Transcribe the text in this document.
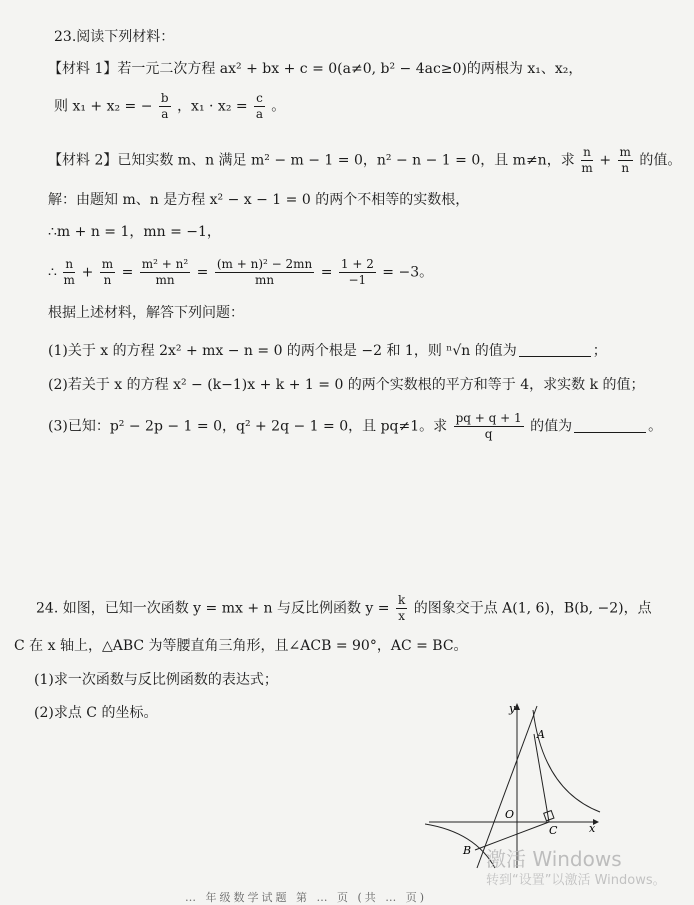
23.阅读下列材料：
【材料 1】若一元二次方程 ax² + bx + c = 0(a≠0, b² − 4ac≥0)的两根为 x₁、x₂，
则 x₁ + x₂ = − $\frac{b}{a}$ ，$x_1 \cdot x_2 = \frac{c}{a}$ 。
【材料 2】已知实数 m、n 满足 m² − m − 1 = 0，n² − n − 1 = 0，且 m≠n，求 $\frac{n}{m} + \frac{m}{n}$ 的值。
解：由题知 m、n 是方程 x² − x − 1 = 0 的两个不相等的实数根，
∴m + n = 1，mn = −1，
∴ $\frac{n}{m} + \frac{m}{n} = \frac{\text{m² + n²}}{mn} = \frac{\text{(m + n)² − 2mn}}{mn} = \frac{1 + 2}{-1} = -3$。
根据上述材料，解答下列问题：
(1)关于 x 的方程 2x² + mx − n = 0 的两个根是 −2 和 1，则 ⁿ√n 的值为	；
(2)若关于 x 的方程 x² − (k−1)x + k + 1 = 0 的两个实数根的平方和等于 4，求实数 k 的值；
(3)已知：p² − 2p − 1 = 0，q² + 2q − 1 = 0，且 pq≠1。求 $\frac{pq + q + 1}{q}$ 的值为	。
24. 如图，已知一次函数 y = mx + n 与反比例函数 $y = \frac{k}{x}$ 的图象交于点 A(1, 6)，B(b, −2)，点
C 在 x 轴上，△ABC 为等腰直角三角形，且∠ACB = 90°，AC = BC。
(1)求一次函数与反比例函数的表达式；
(2)求点 C 的坐标。	y
x
A
B
C
O
激活 Windows
转到“设置”以激活 Windows。
… 年级数学试题 第 … 页 (共 … 页)
